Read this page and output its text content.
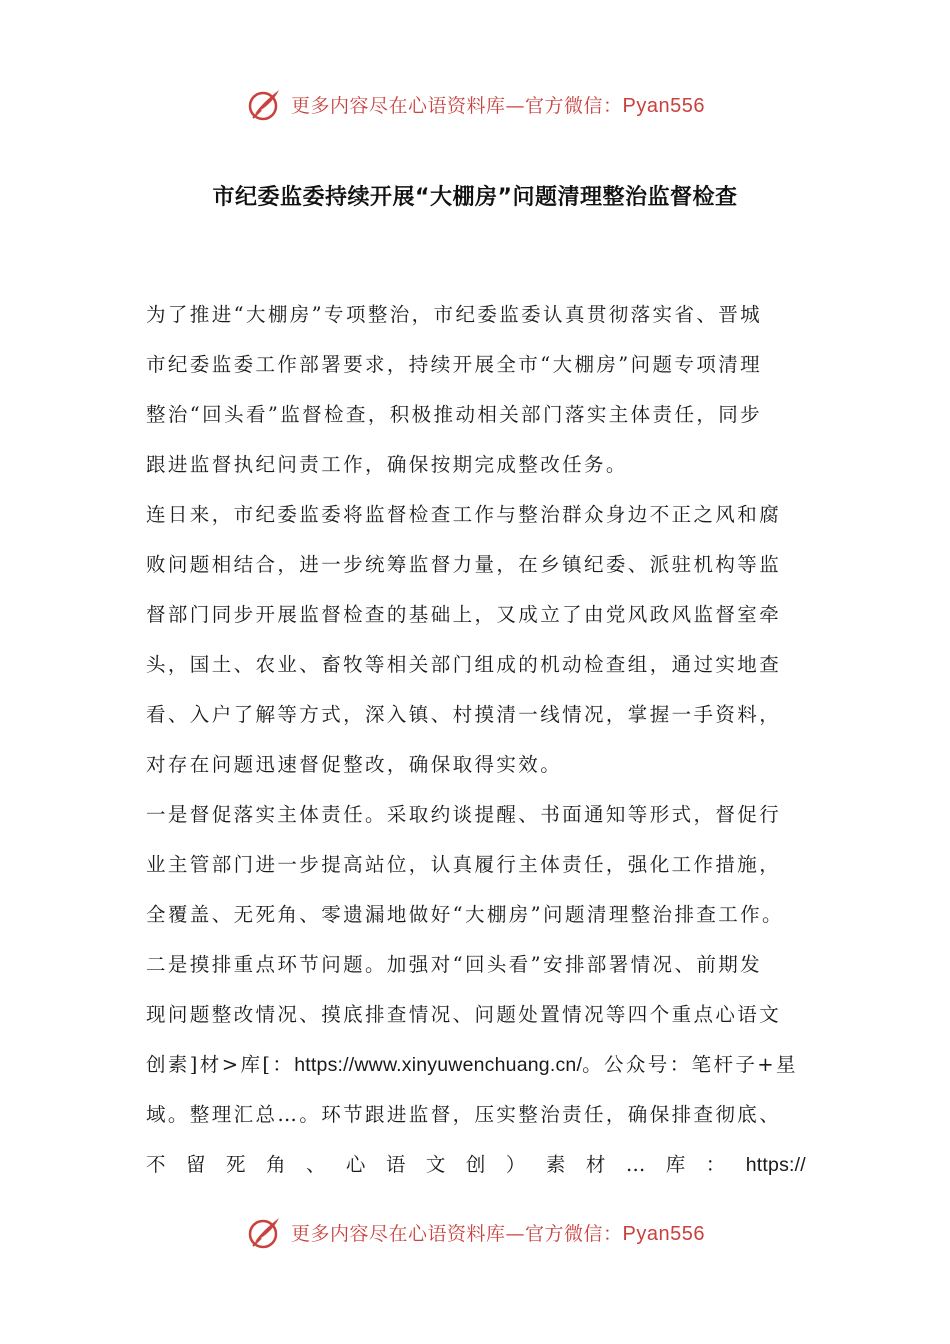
更多内容尽在心语资料库—官方微信：Pyan556
市纪委监委持续开展“大棚房”问题清理整治监督检查
为了推进“大棚房”专项整治，市纪委监委认真贯彻落实省、晋城
市纪委监委工作部署要求，持续开展全市“大棚房”问题专项清理
整治“回头看”监督检查，积极推动相关部门落实主体责任，同步
跟进监督执纪问责工作，确保按期完成整改任务。
连日来，市纪委监委将监督检查工作与整治群众身边不正之风和腐
败问题相结合，进一步统筹监督力量，在乡镇纪委、派驻机构等监
督部门同步开展监督检查的基础上，又成立了由党风政风监督室牵
头，国土、农业、畜牧等相关部门组成的机动检查组，通过实地查
看、入户了解等方式，深入镇、村摸清一线情况，掌握一手资料，
对存在问题迅速督促整改，确保取得实效。
一是督促落实主体责任。采取约谈提醒、书面通知等形式，督促行
业主管部门进一步提高站位，认真履行主体责任，强化工作措施，
全覆盖、无死角、零遗漏地做好“大棚房”问题清理整治排查工作。
二是摸排重点环节问题。加强对“回头看”安排部署情况、前期发
现问题整改情况、摸底排查情况、问题处置情况等四个重点心语文
创素]材>库[：https://www.xinyuwenchuang.cn/。公众号：笔杆子+星
域。整理汇总…。环节跟进监督，压实整治责任，确保排查彻底、
不 留 死 角 、 心 语 文 创 ） 素 材 … 库 ： https://
更多内容尽在心语资料库—官方微信：Pyan556
